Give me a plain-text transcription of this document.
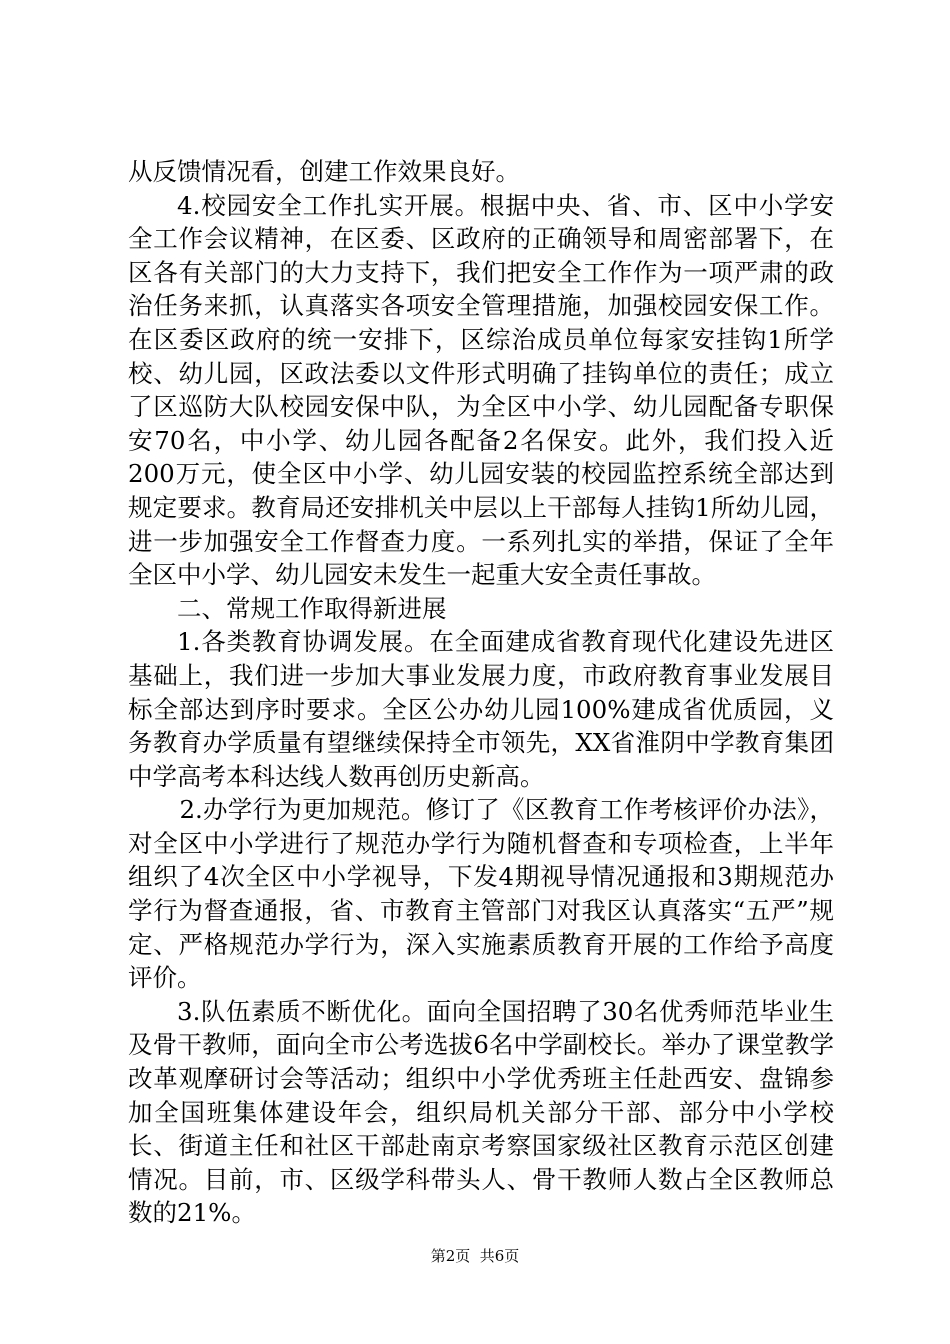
从反馈情况看，创建工作效果良好。

4.校园安全工作扎实开展。根据中央、省、市、区中小学安全工作会议精神，在区委、区政府的正确领导和周密部署下，在区各有关部门的大力支持下，我们把安全工作作为一项严肃的政治任务来抓，认真落实各项安全管理措施，加强校园安保工作。在区委区政府的统一安排下，区综治成员单位每家安挂钩1所学校、幼儿园，区政法委以文件形式明确了挂钩单位的责任；成立了区巡防大队校园安保中队，为全区中小学、幼儿园配备专职保安70名，中小学、幼儿园各配备2名保安。此外，我们投入近200万元，使全区中小学、幼儿园安装的校园监控系统全部达到规定要求。教育局还安排机关中层以上干部每人挂钩1所幼儿园，进一步加强安全工作督查力度。一系列扎实的举措，保证了全年全区中小学、幼儿园安未发生一起重大安全责任事故。

二、常规工作取得新进展

1.各类教育协调发展。在全面建成省教育现代化建设先进区基础上，我们进一步加大事业发展力度，市政府教育事业发展目标全部达到序时要求。全区公办幼儿园100%建成省优质园，义务教育办学质量有望继续保持全市领先，XX省淮阴中学教育集团中学高考本科达线人数再创历史新高。

2.办学行为更加规范。修订了《区教育工作考核评价办法》，对全区中小学进行了规范办学行为随机督查和专项检查，上半年组织了4次全区中小学视导，下发4期视导情况通报和3期规范办学行为督查通报，省、市教育主管部门对我区认真落实“五严”规定、严格规范办学行为，深入实施素质教育开展的工作给予高度评价。

3.队伍素质不断优化。面向全国招聘了30名优秀师范毕业生及骨干教师，面向全市公考选拔6名中学副校长。举办了课堂教学改革观摩研讨会等活动；组织中小学优秀班主任赴西安、盘锦参加全国班集体建设年会，组织局机关部分干部、部分中小学校长、街道主任和社区干部赴南京考察国家级社区教育示范区创建情况。目前，市、区级学科带头人、骨干教师人数占全区教师总数的21%。

第2页  共6页
